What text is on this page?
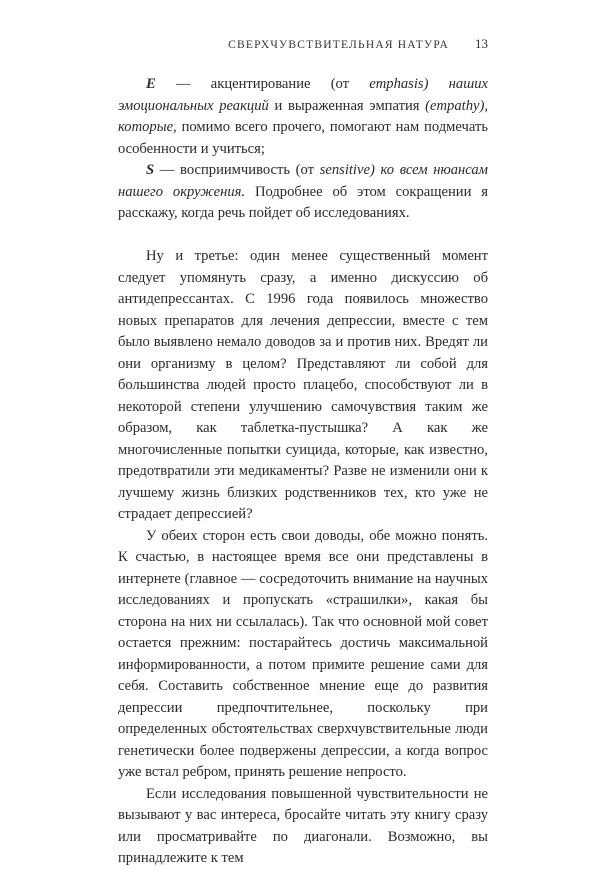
СВЕРХЧУВСТВИТЕЛЬНАЯ НАТУРА 13

E — акцентирование (от emphasis) наших эмоциональных реакций и выраженная эмпатия (empathy), которые, помимо всего прочего, помогают нам подмечать особенности и учиться;

S — восприимчивость (от sensitive) ко всем нюансам нашего окружения. Подробнее об этом сокращении я расскажу, когда речь пойдет об исследованиях.

Ну и третье: один менее существенный момент следует упомянуть сразу, а именно дискуссию об антидепрессантах. С 1996 года появилось множество новых препаратов для лечения депрессии, вместе с тем было выявлено немало доводов за и против них. Вредят ли они организму в целом? Представляют ли собой для большинства людей просто плацебо, способствуют ли в некоторой степени улучшению самочувствия таким же образом, как таблетка-пустышка? А как же многочисленные попытки суицида, которые, как известно, предотвратили эти медикаменты? Разве не изменили они к лучшему жизнь близких родственников тех, кто уже не страдает депрессией?

У обеих сторон есть свои доводы, обе можно понять. К счастью, в настоящее время все они представлены в интернете (главное — сосредоточить внимание на научных исследованиях и пропускать «страшилки», какая бы сторона на них ни ссылалась). Так что основной мой совет остается прежним: постарайтесь достичь максимальной информированности, а потом примите решение сами для себя. Составить собственное мнение еще до развития депрессии предпочтительнее, поскольку при определенных обстоятельствах сверхчувствительные люди генетически более подвержены депрессии, а когда вопрос уже встал ребром, принять решение непросто.

Если исследования повышенной чувствительности не вызывают у вас интереса, бросайте читать эту книгу сразу или просматривайте по диагонали. Возможно, вы принадлежите к тем
